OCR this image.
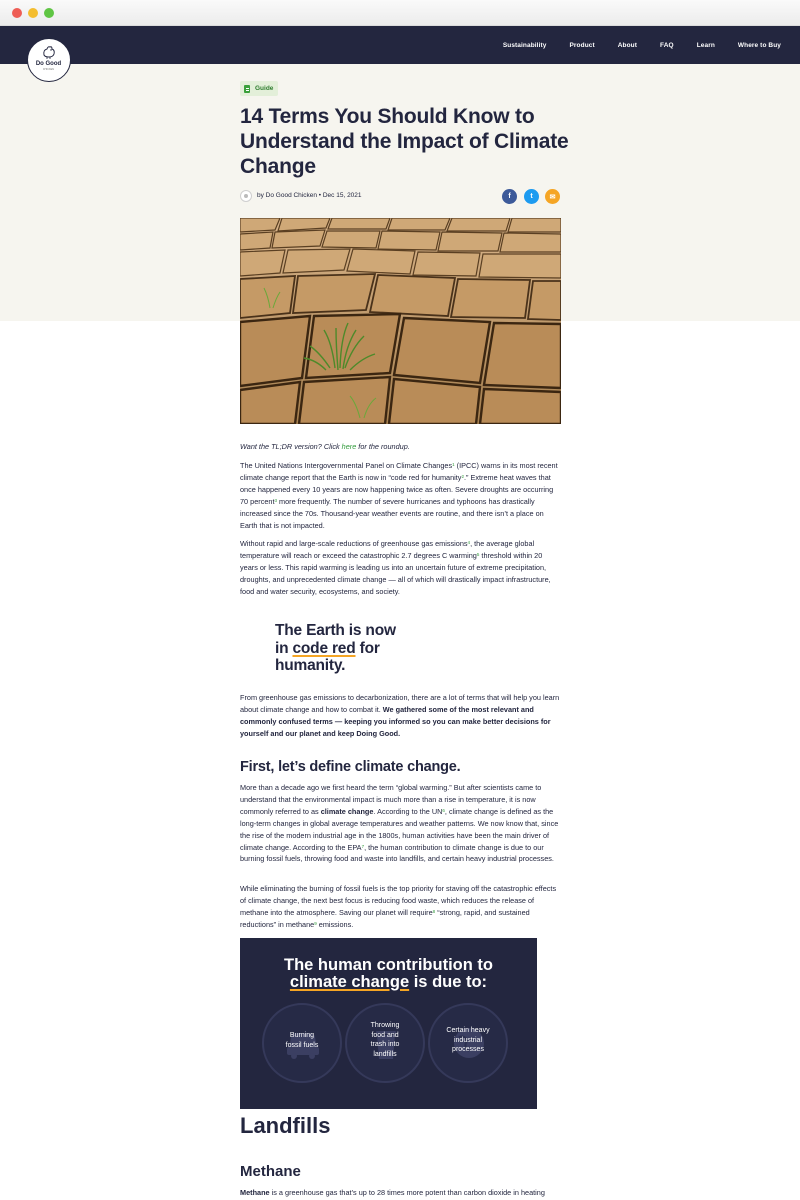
Sustainability	Product	About	FAQ	Learn	Where to Buy
Do Good
CHICKEN
Guide
14 Terms You Should Know to Understand the Impact of Climate Change
by Do Good Chicken • Dec 15, 2021	f	t ✉

Want the TL;DR version? Click here for the roundup.

The United Nations Intergovernmental Panel on Climate Changes$^1$ (IPCC) warns in its most recent climate change report that the Earth is now in “code red for humanity$^2$.” Extreme heat waves that once happened every 10 years are now happening twice as often. Severe droughts are occurring 70 percent$^3$ more frequently. The number of severe hurricanes and typhoons has drastically increased since the 70s. Thousand-year weather events are routine, and there isn’t a place on Earth that is not impacted.

Without rapid and large-scale reductions of greenhouse gas emissions$^4$, the average global temperature will reach or exceed the catastrophic 2.7 degrees C warming$^5$ threshold within 20 years or less. This rapid warming is leading us into an uncertain future of extreme precipitation, droughts, and unprecedented climate change — all of which will drastically impact infrastructure, food and water security, ecosystems, and society.

The Earth is now
in code red for
humanity.

From greenhouse gas emissions to decarbonization, there are a lot of terms that will help you learn about climate change and how to combat it. We gathered some of the most relevant and commonly confused terms — keeping you informed so you can make better decisions for yourself and our planet and keep Doing Good.

First, let’s define climate change.

More than a decade ago we first heard the term “global warming.” But after scientists came to understand that the environmental impact is much more than a rise in temperature, it is now commonly referred to as climate change. According to the $UN^6$, climate change is defined as the long-term changes in global average temperatures and weather patterns. We now know that, since the rise of the modern industrial age in the 1800s, human activities have been the main driver of climate change. According to the EPA$^7$, the human contribution to climate change is due to our burning fossil fuels, throwing food and waste into landfills, and certain heavy industrial processes.

While eliminating the burning of fossil fuels is the top priority for staving off the catastrophic effects of climate change, the next best focus is reducing food waste, which reduces the release of methane into the atmosphere. Saving our planet will require$^8$ “strong, rapid, and sustained reductions” in methane$^9$ emissions.

The human contribution to
climate change is due to:
Burning
fossil fuels
Throwing
food and
trash into
landfills
Certain heavy
industrial
processes
Landfills
Methane

Methane is a greenhouse gas that’s up to 28 times more potent than carbon dioxide in heating
